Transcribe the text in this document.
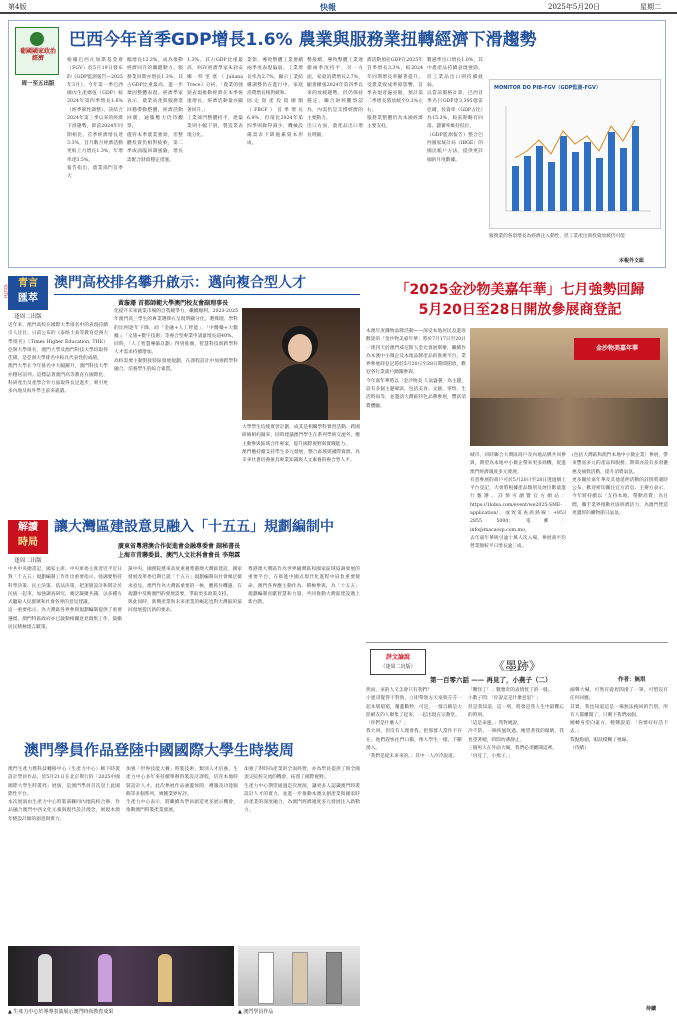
第4版	快報	2025年5月20日	星期二
葡國國家政治經濟
周一至五出版
巴西今年首季GDP增長1.6% 農業與服務業扭轉經濟下滑趨勢
根據巴西瓦加斯基金會（FGV）於5月19日發布的《GDP監測報告—2025年3月》，今年第一季巴西國內生產總值（GDP）較2024年第四季增長1.6%（經季節性調整）。該結合2024年第三季以來的經濟下滑趨勢，即前2024年同期相比，首季經濟增長達3.3%，首月數月經濟活動更較上月增長1.3%，年增率達3.5%。
報告指出，農業部門首季大
幅增長12.2%，成為推動經濟回升的關鍵動力。服務業同期亦增長1.3%，其占GDP比重最高，進一步鞏固整體表現。經濟學家表示，農業高產與服務業回穩帶動整體，經濟活動回暖，通脹壓力仍待觀察。
儘管本季農業強勁，但整體投資仍相對疲軟，第二季或面臨回調風險，增長需配合財政穩定措施。
1.3%。其占GDP比重最高，FGV經濟學家朱莉安娜·特里塞（Juliana Trece）分析，「農業的強勁表現推動經濟在本季恢復增長，經濟活動量亦顯著回升。」
工業部門整體持平，建築業則小幅下滑，製造業表現分化。
業領、導致整體工業連續兩季度表現偏弱。工業增長率為2.7%，顯示工業結構調整仍在進行中。家庭消費增長相對緩和。
固定資產投資總額（FBCF）首季增長6.9%，但環比2024年第四季則錄得減少，機械設備需求下降拖累資本形成。
勢接續，導致整體工業連續兩季度持平，另一方面，家庭消費增長2.7%，顯著擴張2024年第四季以來的放緩趨勢，但仍保持穩定。聯合財經觀察認為，內需仍是支撐經濟的主要動力。
出口方面，農產品出口增長明顯。
濟活動預估GDP在2025年首季增長3.3%，較2024年同期增長率顯著提升。受農業收成季節影響，首季表現普遍亮眼，預計第二季增長將放緩至0.3%左右。
服務業整體仍為本國經濟主要支柱。
數遜季出口增長1.0%，其中農產品持續表現強勁，但工業品出口則持續疲弱。
以當前價格計算，巴西首季名目GDP達3,395億雷亞爾，投資率（GDP占比）為15.3%，較前期略有回落。儲蓄率維持低位。
（GDP監測報告）整合巴西國家統計局（IBGE）的國民帳戶方法，提供更詳細的月度數據。
MONITOR DO PIB-FGV（GDP監測-FGV）
服務業的各項增長為經濟注入動性，但工業產出與投資放緩仍可能
本報外文組
青言
匯萃
YOUTH
逢周二出版
澳門高校排名攀升啟示：邁向複合型人才
黃璇珊 首都師範大學澳門校友會副理事長
近年來，澳門高校在國際大學排名中的表現持續引人注目。日前公布的《泰晤士高等教育亞洲大學排名》（Times Higher Education, THE）亞洲大學排名，澳門大學及澳門科技大學均取得佳績，是亞洲大學排名中較具代表性的成績。
澳門大學在今年排名中大幅躍升，澳門科技大學亦穩居前列。這標誌著澳門高等教育在國際化、科研產出及產學合作方面取得長足進步，吸引更多內地及海外學生前來就讀。
化提升未來就業市場的自我競爭力，繼續順利。2023-2025年澳門高三學生的專業選擇在呈現明顯分化，選擇理、學科的比例逐年下降，而「金融+人工智能」、「中醫藥+大數據」、「文旅+數字技術」等複合型專業申請量增長超40%。
同時，「人工智慧導師計劃」得到推廣，智慧科技與跨學科人才需求持續增加。
高校需要主動對接特區發展規劃，在課程設計中加強跨學科融合，培養學生的綜合素質。
大學學生均使實習計劃，成其是相關學科實習活動、跨國研修相約歸來，同時建議澳門學生在系列學術交流外，應主動參與區域合作專案，提升國際視野與實踐能力。
澳門應持續支持學生多元發展，整合區域與國際資源，為未來社會培養兼具專業知識與人文素養的複合型人才。
「2025金沙物美嘉年華」七月強勢回歸
5月20日至28日開放參展商登記
本澳年度購物品牌活動——深受本地居民及遊客歡迎的「金沙物美嘉年華」將於7月17日至20日一連四天於澳門威尼斯人金光會展舉辦，繼續作為本澳中小微企及本地品牌產品的推廣平台。業界參展商登記將於5月20日至28日期間開放，歡迎各行業商戶踴躍參與。
今年嘉年華將以「金沙物美 人氣盛薈」為主題，設有多個主題專區，包括美食、文創、零售、生活時尚等，並邀請大灣區特色品牌參展，豐富消費體驗。
金沙物美嘉年華
城市。同時聯合大灣區商戶及內地品牌共同參與，期望為本地中小微企帶來更多商機，促進澳門經濟適度多元發展。
有意參展的商戶可於5月20日至28日透過網上平台登記，大會將根據產品類別及展位數量進行甄選。詳情可瀏覽官方網站：https://1kdsa.com/event/we2025-SME-application/，或致電查詢熱線：+853 2855 5000；電郵：info@macaosp.com.mo。
去年嘉年華吸引逾十萬人次入場，參展商平均營業額較平日增長逾三成。
(包括大灣區和澳門本地中小微企業）參展，帶來豐富多元的產品和服務。期間亦設有多項優惠及抽獎活動，提升消費氣氛。
更多關於嘉年華及其他延伸活動的詳情將適時公布，歡迎密切關注官方消息。主辦方表示，今年將持續以「支持本地、帶動消費」為目標，攜手業界推動社區經濟活力，為澳門營造更濃厚的購物節日氣氛。
解讀
時局
逢周二出版
讓大灣區建設意見融入「十五五」規劃編制中
廣東省粵港澳合作促進會金融專委會 副秘書長
上海市青聯委員、澳門人文社科會會長 李翔霖
中共中央總書記、國家主席、中央軍委主席習近平近日對「十五五」規劃編制工作作出重要指示，強調要堅持科學決策、民主決策、依法決策，把頂層設計和問計於民統一起來，加強調查研究，廣泛凝聚共識，以多種方式聽取人民群眾和社會各界的意見建議。
這一重要指示，為大灣區各界參與規劃編制提供了重要遵循。澳門特區政府亦已啟動相關意見徵集工作，鼓勵居民積極建言獻策。
黨中央、國務院歷來高度重視粵港澳大灣區建設，國家發展改革委近期已就「十五五」規劃編制向社會廣泛徵求意見。澳門作為大灣區重要的一極，應抓住機遇，在規劃中反映澳門的發展需要，爭取更多政策支持。
與此同時，新興產業和未來產業的崛起也對大灣區的協同發展提出新的要求。
粵港澳大灣區作為世界級灣區和國家區域協調發展的重要平台，在推進中國式現代化進程中肩負重要使命。澳門各界應主動作為、積極參與，為「十五五」規劃編制貢獻智慧和力量，共同推動大灣區建設邁上新台階。
澳門學員作品登陸中國國際大學生時裝周
澳門生產力暨科技轉移中心（生產力中心）轄下時裝設計學員作品，於5月21日在北京舉行的「2025中國國際大學生時裝周」展演，是澳門學員首次登上此國際性平台。
本次展演由生產力中心時裝部聯同內地院校合辦，作品融合澳門中西文化元素與現代設計理念，展現本澳年輕設計師的創意與實力。
加強「世界技能大賽」時裝技術」類別人才培養，生產力中心多年來持續舉辦時裝設計課程，培育本地時裝設計人才。此次參展作品涵蓋休閒、禮服及功能服飾等多個系列，廣獲業界好評。
生產力中心表示，將繼續為學員創造更多展示機會，推動澳門時裝產業發展。
加強了對時尚產業的全面經營，亦為學員提供了與全國頂尖院校交流的機會，拓寬了國際視野。
生產力中心期望通過是次展演，讓更多人認識澳門時裝設計人才的實力，並進一步推動本澳文創產業與國家時尚產業的深度融合，為澳門經濟適度多元發展注入新動力。
▲ 生產力中心於導導表演展示澳門時尚教育成果	▲ 澳門學員作品
評文論說
（逢周二出版）	《墨跡》
第一百零六話 —— 再見了，小燕子（二）	作者：無垠
然而，來的人又怎會只有我們？
小憲哥覺得不對勁，立即帶領方天豪與芬芬一起本層窮窮，覆蓋數秒，可是，一群自稱是大陸網友的人聚集了起來，一起出現在宗教堂。
「你們是什麼人？」
我大叫，但沒有人理會我。把那群人當作不存在。他們趕快往門口衝，像大學生一樣，不斷湧入。
「我們是從未來來的。」其中一人冷冷說道。
「難怪了！」數雅奇的表情恍了的一樣。
小數子問：「你說這是什麼意思？」
但是我知道，這一刻，將會是我人生中最難忘的時刻。
「這是命運。」我對她說。
冷不防，一陣疾風吹過。她望著我的眼睛，我也望著她，時間彷彿靜止。
三個男人在外面大喊，我們必須離開這裡。
「再見了，小燕子。」
細聲大喊，可然有從眉間滑了一筆，可惜沒有任何回應。
其實，我也知道這是一場無法挽回的告別。所有人都離開了，只剩下我們兩個。
她轉身望向遠方，輕聲說道：「你要好好活下去。」
我點點頭，眼淚模糊了視線。
（待續）
待續
